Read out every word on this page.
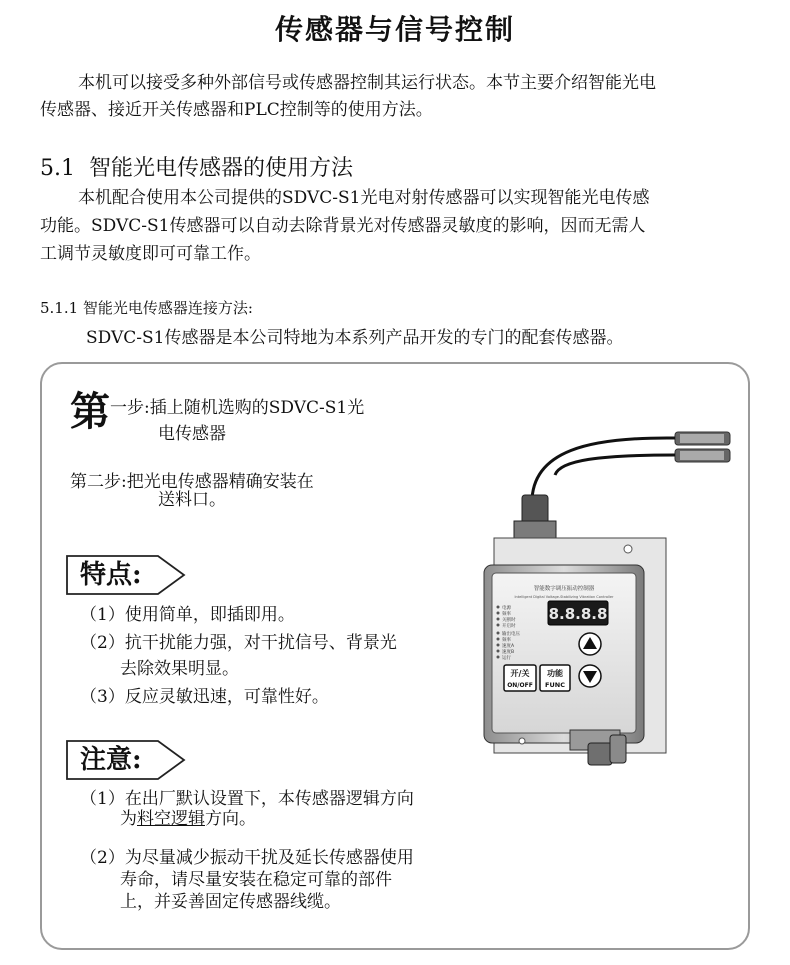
传感器与信号控制
本机可以接受多种外部信号或传感器控制其运行状态。本节主要介绍智能光电
传感器、接近开关传感器和PLC控制等的使用方法。
5.1 智能光电传感器的使用方法
本机配合使用本公司提供的SDVC-S1光电对射传感器可以实现智能光电传感
功能。SDVC-S1传感器可以自动去除背景光对传感器灵敏度的影响，因而无需人
工调节灵敏度即可可靠工作。
5.1.1 智能光电传感器连接方法:
SDVC-S1传感器是本公司特地为本系列产品开发的专门的配套传感器。
第 一步:插上随机选购的SDVC-S1光
电传感器
第二步:把光电传感器精确安装在
送料口。
特点:
（1）使用简单，即插即用。
（2）抗干扰能力强，对干扰信号、背景光
去除效果明显。
（3）反应灵敏迅速，可靠性好。
注意:
（1）在出厂默认设置下，本传感器逻辑方向
为料空逻辑方向。
（2）为尽量减少振动干扰及延长传感器使用
寿命，请尽量安装在稳定可靠的部件
上，并妥善固定传感器线缆。
智能数字调压振动控制器
Intelligent Digital Voltage-Stabilizing Vibration Controller
8.8.8.8
电源
频率
关断时
开启时
输出电压
频率
速度A
速度B
运行
开/关
ON/OFF
功能
FUNC
